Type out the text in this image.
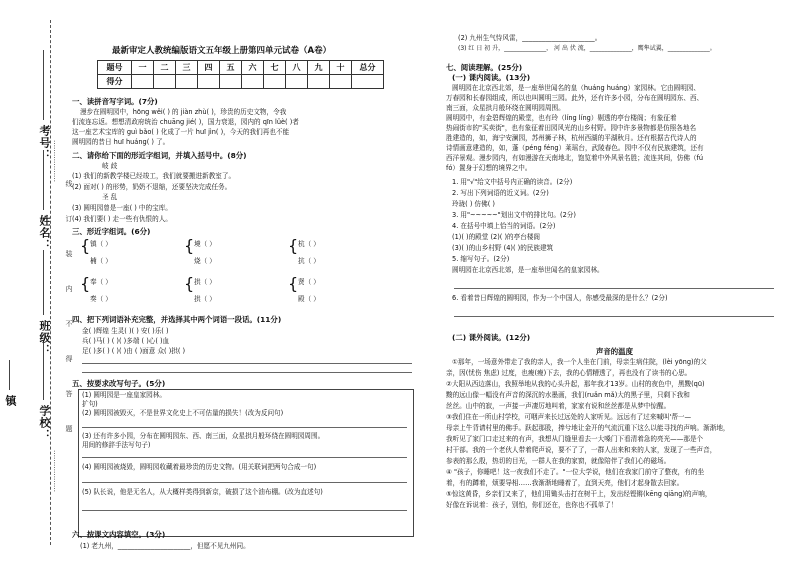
镇
学校：
班级：
姓名：
考号： ………………
线
订
装
内
不
得
答
题
………………
最新审定人教统编版语文五年级上册第四单元试卷（A卷）
题号	一	二	三	四	五	六	七	八	九	十	总分
得分											
一、读拼音写字词。(7分)
漫步在圆明园中，hōng wěi( ) 的 jiàn zhù( )，珍贵的历史文物，令我
们流连忘返。想想清政府统治 chuāng jié( )，国力衰退，园内的 qīn lüè( )者
这一座艺术宝库的 guì bǎo( ) 化成了一片 huī jìn( )，今天的我们再也不能
圆明园的昔日 huī huáng( ) 了。
二、请你给下面的形近字组词，并填入括号中。(8分)
岐 歧
(1) 我们的新教学楼已经竣工，我们就要搬进新教室了。
(2) 面对( ) 的形势，奶奶不退缩，还要坚决完成任务。
圣 乱
(3) 圆明园曾是一座( ) 中的宝库。
(4) 我们要( ) 走一些有仇恨的人。
三、形近字组词。(6分)
{	{	{
镇（ ）	境（ ）	杭（ ）
楠（ ）	烧（ ）	抗（ ）
{	{	{
奉（ ）	拱（ ）	贤（ ）
奏（ ）	拱（ ）	殿（ ）
四、把下列词语补充完整，并选择其中两个词语一段话。(11分)
金( )辉煌 生灵( )( ) 安( )乐( )
兵( )马( ) ( )( )多端 ( )心( )血
足( )多( ) ( )( )由 ( )面意 众( )拱( )
五、按要求改写句子。(5分)
(1) 圆明园是一座皇家园林。
扩句)
(2) 圆明园被毁灭，不是世界文化史上不可估量的损失！(改为反问句)
(3) 还有许多小园，分布在圆明园东、西、南三面，众星拱月般环绕在圆明园周围。
用间的修辞手法写句子)
(4) 圆明园被烧毁，圆明园收藏着最珍贵的历史文物。(用关联词把两句合成一句)
(5) 队长说，他是无名人，从大概样类得到新京，破损了这个油布棚。(改为直述句)
六、按课文内容填空。(3分)
(1) 老九州，______________________，但愿不见九州同。
(2) 九州生气恃风雷，______________________。
(3) 红 日 初 升，______________， 河 出 伏 流，______________，鹰隼试翼，______________。
七、阅读理解。(25分)
(一) 课内阅读。(13分)
圆明园在北京西北郊，是一座举世闻名的皇（huáng huáng）家园林。它由圆明园、
万春园和长春园组成，所以也叫圆明三园。此外，还有许多小园，分布在圆明园东、西、
南三面，众星拱月般环绕在圆明园周围。
圆明园中，有金碧辉煌的殿堂，也有玲（líng líng）剔透的亭台楼阁；有象征着
热闹街市的"买卖街"，也有象征着田园风光的山乡村野。园中许多景物都是仿照各地名
胜建造的，如，海宁安澜园，苏州狮子林，杭州西湖的平湖秋月。还有根据古代诗人的
诗情画意建造的，如，蓬（péng féng）莱瑶台，武陵春色。园中不仅有民族建筑，还有
西洋景观。漫步园内，有如漫游在天南地北，饱览着中外风景名胜；流连其间，仿佛（fú
fó）置身于幻想的境界之中。
1. 用"√"给文中括号内正确的读音。(2分)
2. 写出下列词语的近义词。(2分)
玲珑( ) 仿佛( )
3. 用"~~~~~"划出文中的排比句。(2分)
4. 在括号中填上恰当的词语。(2分)
(1)( )的殿堂 (2)( )的亭台楼阁
(3)( )的山乡村野 (4)( )的民族建筑
5. 缩写句子。(2分)
圆明园在北京西北郊，是一座举世闻名的皇家园林。
6. 看着昔日辉煌的圆明园，作为一个中国人，你感受最深的是什么？(2分)
(二) 课外阅读。(12分)
声音的温度
①那年，一场意外带走了我的亲人，我一个人坐在门前，母亲生病住院，(lèi yōng)的父
亲，因(忧伤 焦虑) 过度，也瘦(瘦)下去，我的心情糟透了，再也没有了读书的心思。
②大阳从西边落山，我照举地从我的心头升起，那年我才13岁。山村的夜色中，黑黢(qū)
黢的远山像一幅没有声音的深沉的水墨画，我们(ruǎn mǎ)大的黑子里，只剩下我和
丝丝。山中的寂，一声接一声凄厉地叫着，家家有说和丝丝都是从梦中惊醒。
③我们住在一所山村学校，可咽声来长过远处的人家听见。远远有了过来喊叫'帮一—
母亲上牛背请村里的佛手。跃起那股，捧兮地让金开的气流沉重下这么以能寻找的声响。渐渐地，
我听见了家门口走过来的有声，我想从门缝里看去一大嗓门下看清着急的亮光——那是个
村干部。我的一个老伙人带着爬声说，要不了了，一群人出来和来的人家，发现了一些声音，
参表的那么殷，热切的目光，一群人在我的家窗，就像陪伴了我们心的磁场。
④ "孩子，你睡吧！这一夜我们不走了。"一位大学说，他们在我家门前守了整夜，有的坐
着，有的蹲着，烦要导相……我渐渐地睡着了，直到天亮，他们才起身散去回家。
⑤惊这黄昏，乡亲们又来了，他们用锄头击打在树干上，发出经铿锵(kēng qiāng)的声响，
好像在诉说着：孩子，别怕，你们还在，也你也不孤单了！
